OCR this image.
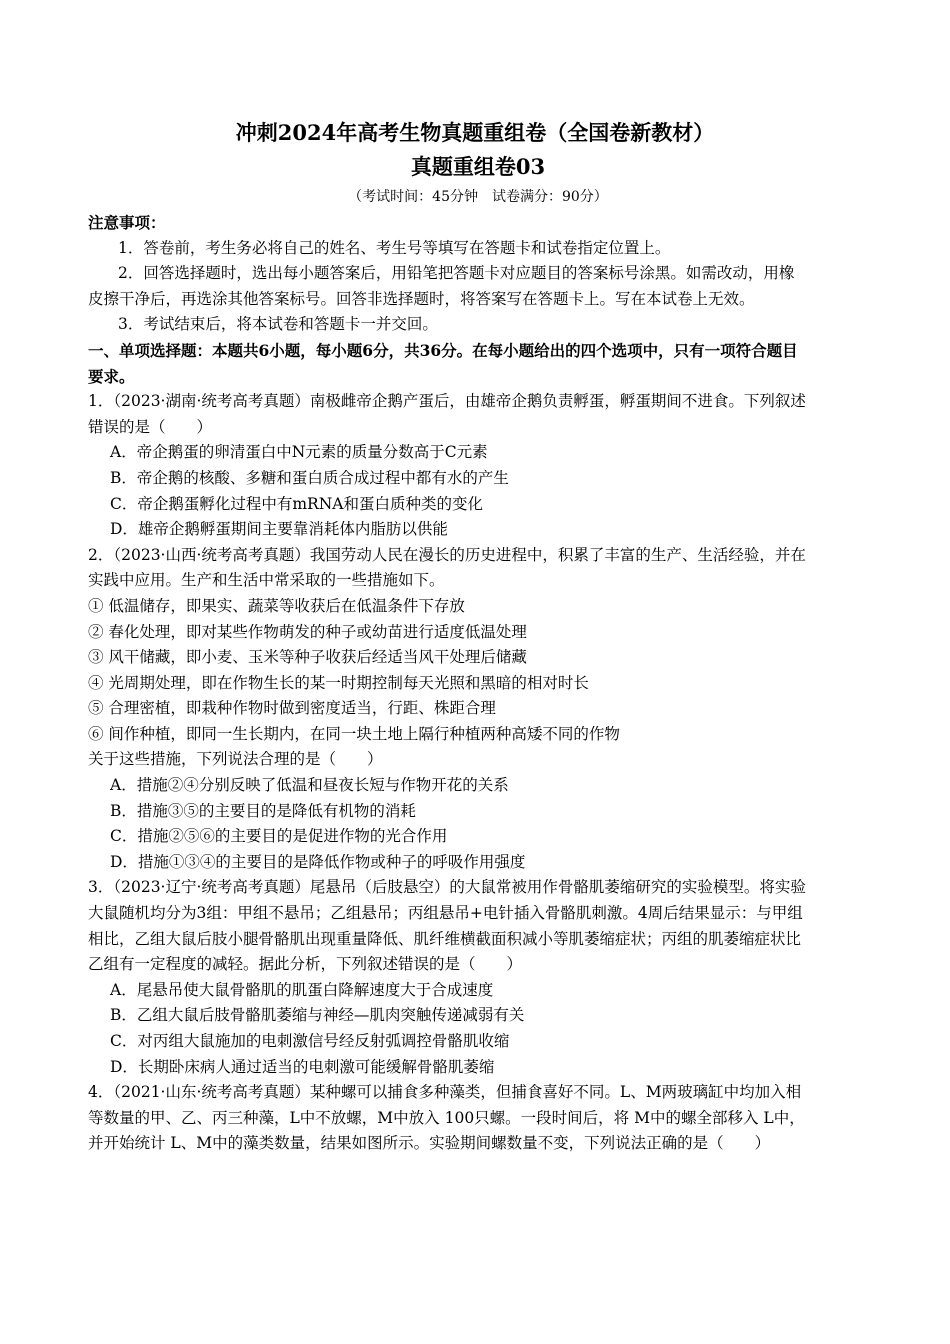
冲刺2024年高考生物真题重组卷（全国卷新教材）
真题重组卷03
（考试时间：45分钟　试卷满分：90分）
注意事项：
1．答卷前，考生务必将自己的姓名、考生号等填写在答题卡和试卷指定位置上。
2．回答选择题时，选出每小题答案后，用铅笔把答题卡对应题目的答案标号涂黑。如需改动，用橡
皮擦干净后，再选涂其他答案标号。回答非选择题时，将答案写在答题卡上。写在本试卷上无效。
3．考试结束后，将本试卷和答题卡一并交回。
一、单项选择题：本题共6小题，每小题6分，共36分。在每小题给出的四个选项中，只有一项符合题目
要求。
1．（2023·湖南·统考高考真题）南极雌帝企鹅产蛋后，由雄帝企鹅负责孵蛋，孵蛋期间不进食。下列叙述
错误的是（　　）
A．帝企鹅蛋的卵清蛋白中N元素的质量分数高于C元素
B．帝企鹅的核酸、多糖和蛋白质合成过程中都有水的产生
C．帝企鹅蛋孵化过程中有mRNA和蛋白质种类的变化
D．雄帝企鹅孵蛋期间主要靠消耗体内脂肪以供能
2．（2023·山西·统考高考真题）我国劳动人民在漫长的历史进程中，积累了丰富的生产、生活经验，并在
实践中应用。生产和生活中常采取的一些措施如下。
① 低温储存，即果实、蔬菜等收获后在低温条件下存放
② 春化处理，即对某些作物萌发的种子或幼苗进行适度低温处理
③ 风干储藏，即小麦、玉米等种子收获后经适当风干处理后储藏
④ 光周期处理，即在作物生长的某一时期控制每天光照和黑暗的相对时长
⑤ 合理密植，即栽种作物时做到密度适当，行距、株距合理
⑥ 间作种植，即同一生长期内，在同一块土地上隔行种植两种高矮不同的作物
关于这些措施，下列说法合理的是（　　）
A．措施②④分别反映了低温和昼夜长短与作物开花的关系
B．措施③⑤的主要目的是降低有机物的消耗
C．措施②⑤⑥的主要目的是促进作物的光合作用
D．措施①③④的主要目的是降低作物或种子的呼吸作用强度
3．（2023·辽宁·统考高考真题）尾悬吊（后肢悬空）的大鼠常被用作骨骼肌萎缩研究的实验模型。将实验
大鼠随机均分为3组：甲组不悬吊；乙组悬吊；丙组悬吊+电针插入骨骼肌刺激。4周后结果显示：与甲组
相比，乙组大鼠后肢小腿骨骼肌出现重量降低、肌纤维横截面积减小等肌萎缩症状；丙组的肌萎缩症状比
乙组有一定程度的减轻。据此分析，下列叙述错误的是（　　）
A．尾悬吊使大鼠骨骼肌的肌蛋白降解速度大于合成速度
B．乙组大鼠后肢骨骼肌萎缩与神经—肌肉突触传递减弱有关
C．对丙组大鼠施加的电刺激信号经反射弧调控骨骼肌收缩
D．长期卧床病人通过适当的电刺激可能缓解骨骼肌萎缩
4．（2021·山东·统考高考真题）某种螺可以捕食多种藻类，但捕食喜好不同。L、M两玻璃缸中均加入相
等数量的甲、乙、丙三种藻，L中不放螺，M中放入 100只螺。一段时间后，将 M中的螺全部移入 L中，
并开始统计 L、M中的藻类数量，结果如图所示。实验期间螺数量不变，下列说法正确的是（　　）
